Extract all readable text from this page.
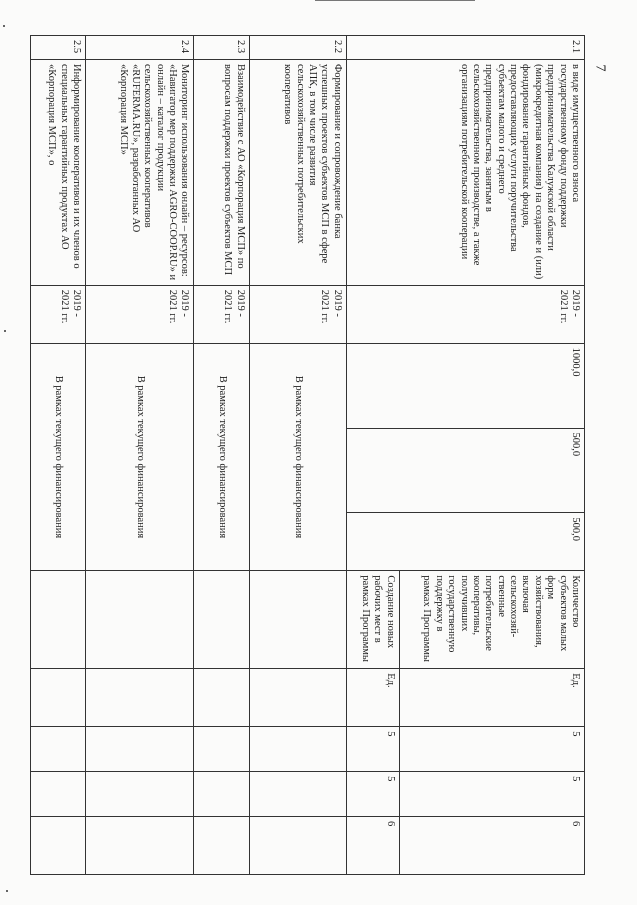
7
2.1	в виде имущественного взноса государственному фонду поддержки предпринимательства Калужской области (микрокредитная компания) на создание и (или) фондирование гарантийных фондов, предоставляющих услуги поручительства субъектам малого и среднего предпринимательства, занятым в сельскохозяйственном производстве, а также организациям потребительской кооперации	2019 - 2021 гг.	1000,0	500,0	500,0	Количество субъектов малых форм хозяйствования, включая сельскохозяй-ственные потребительские кооперативы, получивших государственную поддержку в рамках Программы	Ед.	5	5	6
						Создание новых рабочих мест в рамках Программы	Ед.	5	5	6
2.2	Формирование и сопровождение банка успешных проектов субъектов МСП в сфере АПК, в том числе развития сельскохозяйственных потребительских кооперативов	2019 - 2021 гг.	В рамках текущего финансирования							
2.3	Взаимодействие с АО «Корпорация МСП» по вопросам поддержки проектов субъектов МСП	2019 - 2021 гг.	В рамках текущего финансирования							
2.4	Мониторинг использования онлайн – ресурсов: «Навигатор мер поддержки AGRO-COOP.RU» и онлайн – каталог продукции сельскохозяйственных кооперативов «RUFERMA.RU», разработанных АО «Корпорация МСП»	2019 - 2021 гг.	В рамках текущего финансирования							
2.5	Информирование кооперативов и их членов о специальных гарантийных продуктах АО «Корпорация МСП», о	2019 - 2021 гг.	В рамках текущего финансирования							
